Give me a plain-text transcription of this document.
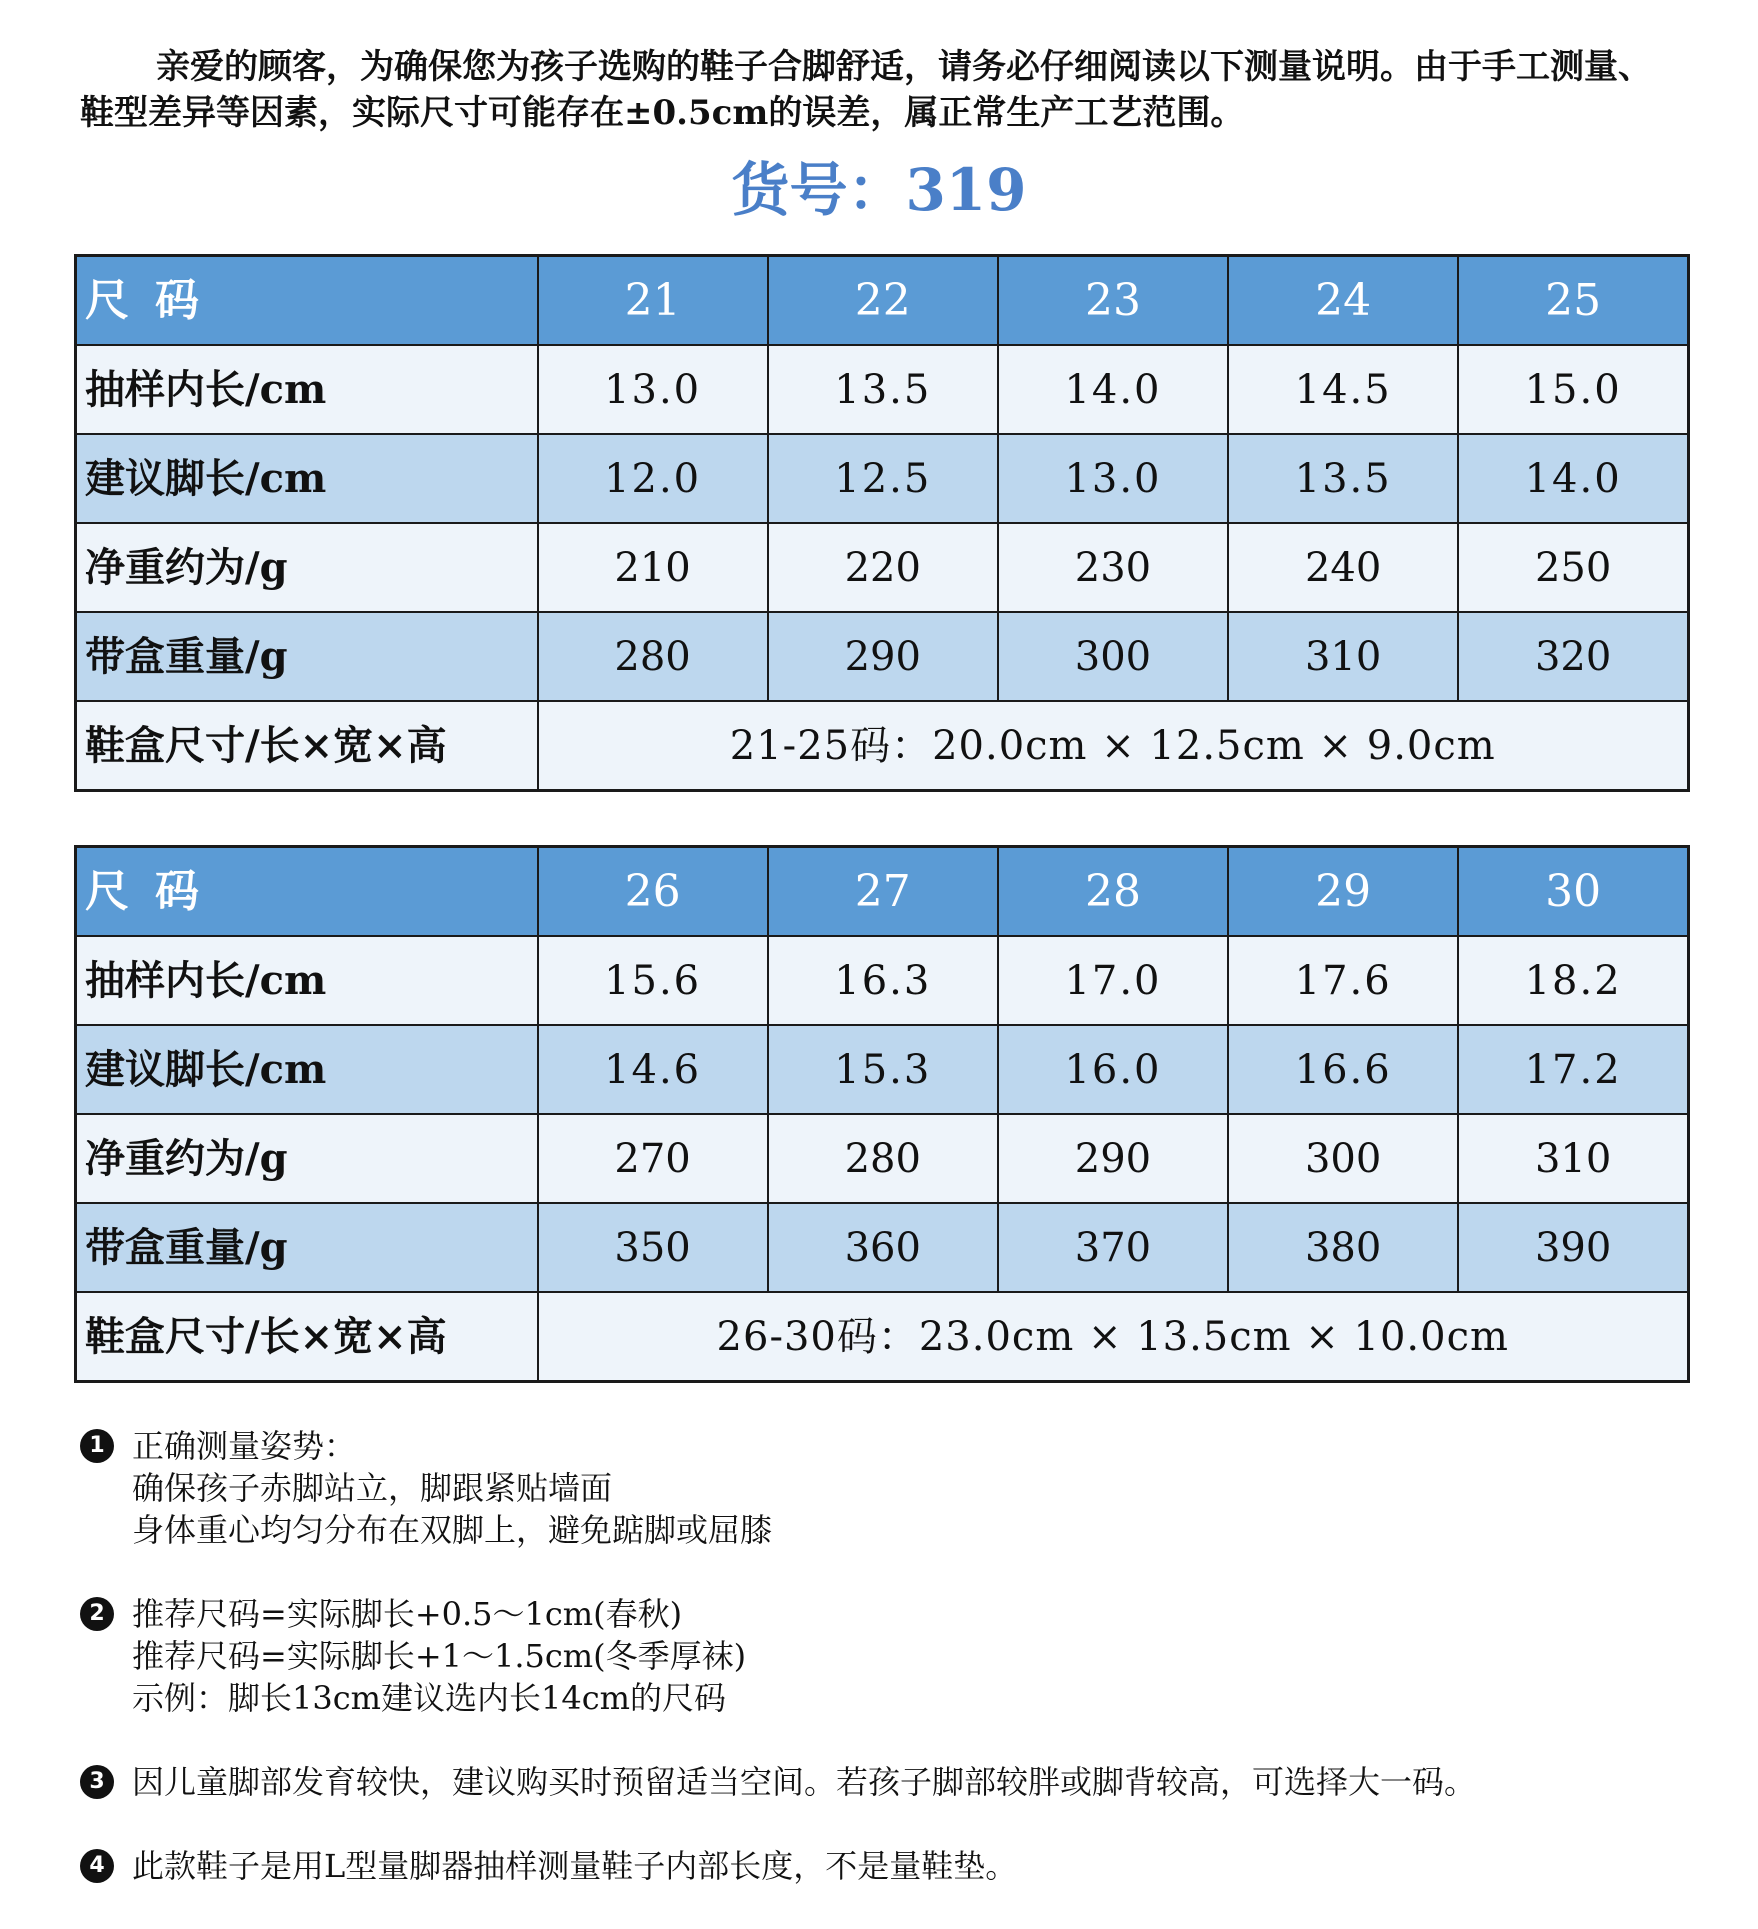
亲爱的顾客，为确保您为孩子选购的鞋子合脚舒适，请务必仔细阅读以下测量说明。由于手工测量、鞋型差异等因素，实际尺寸可能存在±0.5cm的误差，属正常生产工艺范围。

货号：319
尺码	21	22	23	24	25
抽样内长/cm	13.0	13.5	14.0	14.5	15.0
建议脚长/cm	12.0	12.5	13.0	13.5	14.0
净重约为/g	210	220	230	240	250
带盒重量/g	280	290	300	310	320
鞋盒尺寸/长×宽×高	21-25码：20.0cm × 12.5cm × 9.0cm				
尺码	26	27	28	29	30
抽样内长/cm	15.6	16.3	17.0	17.6	18.2
建议脚长/cm	14.6	15.3	16.0	16.6	17.2
净重约为/g	270	280	290	300	310
带盒重量/g	350	360	370	380	390
鞋盒尺寸/长×宽×高	26-30码：23.0cm × 13.5cm × 10.0cm				
1 正确测量姿势：
确保孩子赤脚站立，脚跟紧贴墙面
身体重心均匀分布在双脚上，避免踮脚或屈膝
2 推荐尺码=实际脚长+0.5～1cm(春秋)
推荐尺码=实际脚长+1～1.5cm(冬季厚袜)
示例：脚长13cm建议选内长14cm的尺码
3 因儿童脚部发育较快，建议购买时预留适当空间。若孩子脚部较胖或脚背较高，可选择大一码。
4 此款鞋子是用L型量脚器抽样测量鞋子内部长度，不是量鞋垫。
